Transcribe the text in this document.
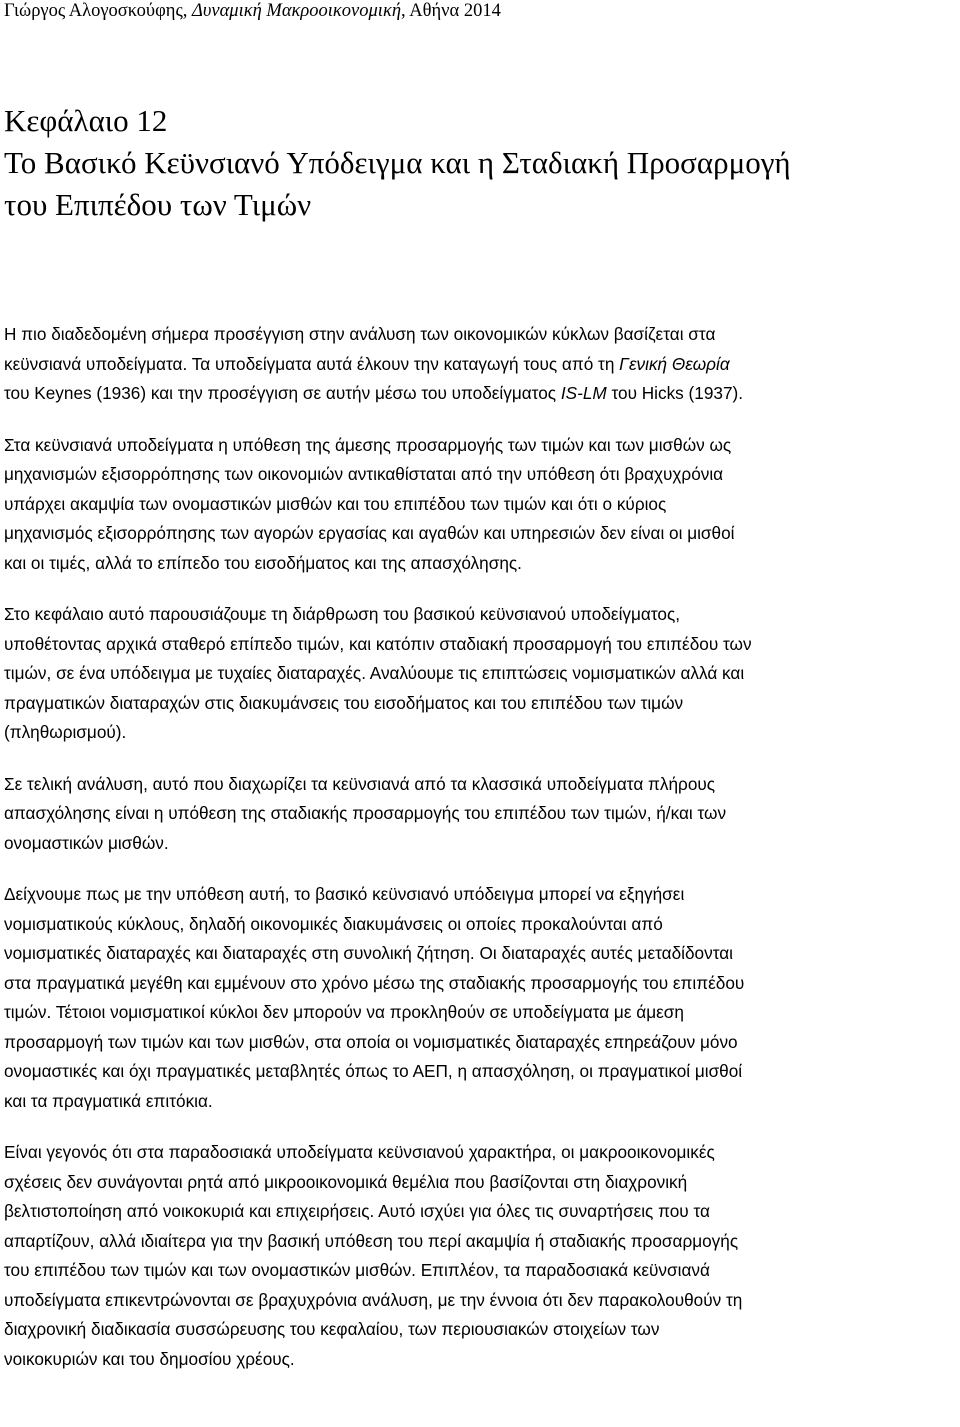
Γιώργος Αλογοσκούφης, Δυναμική Μακροοικονομική, Αθήνα 2014
Κεφάλαιο 12
Το Βασικό Κεϋνσιανό Υπόδειγμα και η Σταδιακή Προσαρμογή
του Επιπέδου των Τιμών

Η πιο διαδεδομένη σήμερα προσέγγιση στην ανάλυση των οικονομικών κύκλων βασίζεται στα
κεϋνσιανά υποδείγματα. Τα υποδείγματα αυτά έλκουν την καταγωγή τους από τη Γενική Θεωρία
του Keynes (1936) και την προσέγγιση σε αυτήν μέσω του υποδείγματος IS-LM του Hicks (1937).

Στα κεϋνσιανά υποδείγματα η υπόθεση της άμεσης προσαρμογής των τιμών και των μισθών ως
μηχανισμών εξισορρόπησης των οικονομιών αντικαθίσταται από την υπόθεση ότι βραχυχρόνια
υπάρχει ακαμψία των ονομαστικών μισθών και του επιπέδου των τιμών και ότι ο κύριος
μηχανισμός εξισορρόπησης των αγορών εργασίας και αγαθών και υπηρεσιών δεν είναι οι μισθοί
και οι τιμές, αλλά το επίπεδο του εισοδήματος και της απασχόλησης.

Στο κεφάλαιο αυτό παρουσιάζουμε τη διάρθρωση του βασικού κεϋνσιανού υποδείγματος,
υποθέτοντας αρχικά σταθερό επίπεδο τιμών, και κατόπιν σταδιακή προσαρμογή του επιπέδου των
τιμών, σε ένα υπόδειγμα με τυχαίες διαταραχές. Αναλύουμε τις επιπτώσεις νομισματικών αλλά και
πραγματικών διαταραχών στις διακυμάνσεις του εισοδήματος και του επιπέδου των τιμών
(πληθωρισμού).

Σε τελική ανάλυση, αυτό που διαχωρίζει τα κεϋνσιανά από τα κλασσικά υποδείγματα πλήρους
απασχόλησης είναι η υπόθεση της σταδιακής προσαρμογής του επιπέδου των τιμών, ή/και των
ονομαστικών μισθών.

Δείχνουμε πως με την υπόθεση αυτή, το βασικό κεϋνσιανό υπόδειγμα μπορεί να εξηγήσει
νομισματικούς κύκλους, δηλαδή οικονομικές διακυμάνσεις οι οποίες προκαλούνται από
νομισματικές διαταραχές και διαταραχές στη συνολική ζήτηση. Οι διαταραχές αυτές μεταδίδονται
στα πραγματικά μεγέθη και εμμένουν στο χρόνο μέσω της σταδιακής προσαρμογής του επιπέδου
τιμών. Τέτοιοι νομισματικοί κύκλοι δεν μπορούν να προκληθούν σε υποδείγματα με άμεση
προσαρμογή των τιμών και των μισθών, στα οποία οι νομισματικές διαταραχές επηρεάζουν μόνο
ονομαστικές και όχι πραγματικές μεταβλητές όπως το ΑΕΠ, η απασχόληση, οι πραγματικοί μισθοί
και τα πραγματικά επιτόκια.

Είναι γεγονός ότι στα παραδοσιακά υποδείγματα κεϋνσιανού χαρακτήρα, οι μακροοικονομικές
σχέσεις δεν συνάγονται ρητά από μικροοικονομικά θεμέλια που βασίζονται στη διαχρονική
βελτιστοποίηση από νοικοκυριά και επιχειρήσεις. Αυτό ισχύει για όλες τις συναρτήσεις που τα
απαρτίζουν, αλλά ιδιαίτερα για την βασική υπόθεση του περί ακαμψία ή σταδιακής προσαρμογής
του επιπέδου των τιμών και των ονομαστικών μισθών. Επιπλέον, τα παραδοσιακά κεϋνσιανά
υποδείγματα επικεντρώνονται σε βραχυχρόνια ανάλυση, με την έννοια ότι δεν παρακολουθούν τη
διαχρονική διαδικασία συσσώρευσης του κεφαλαίου, των περιουσιακών στοιχείων των
νοικοκυριών και του δημοσίου χρέους.
